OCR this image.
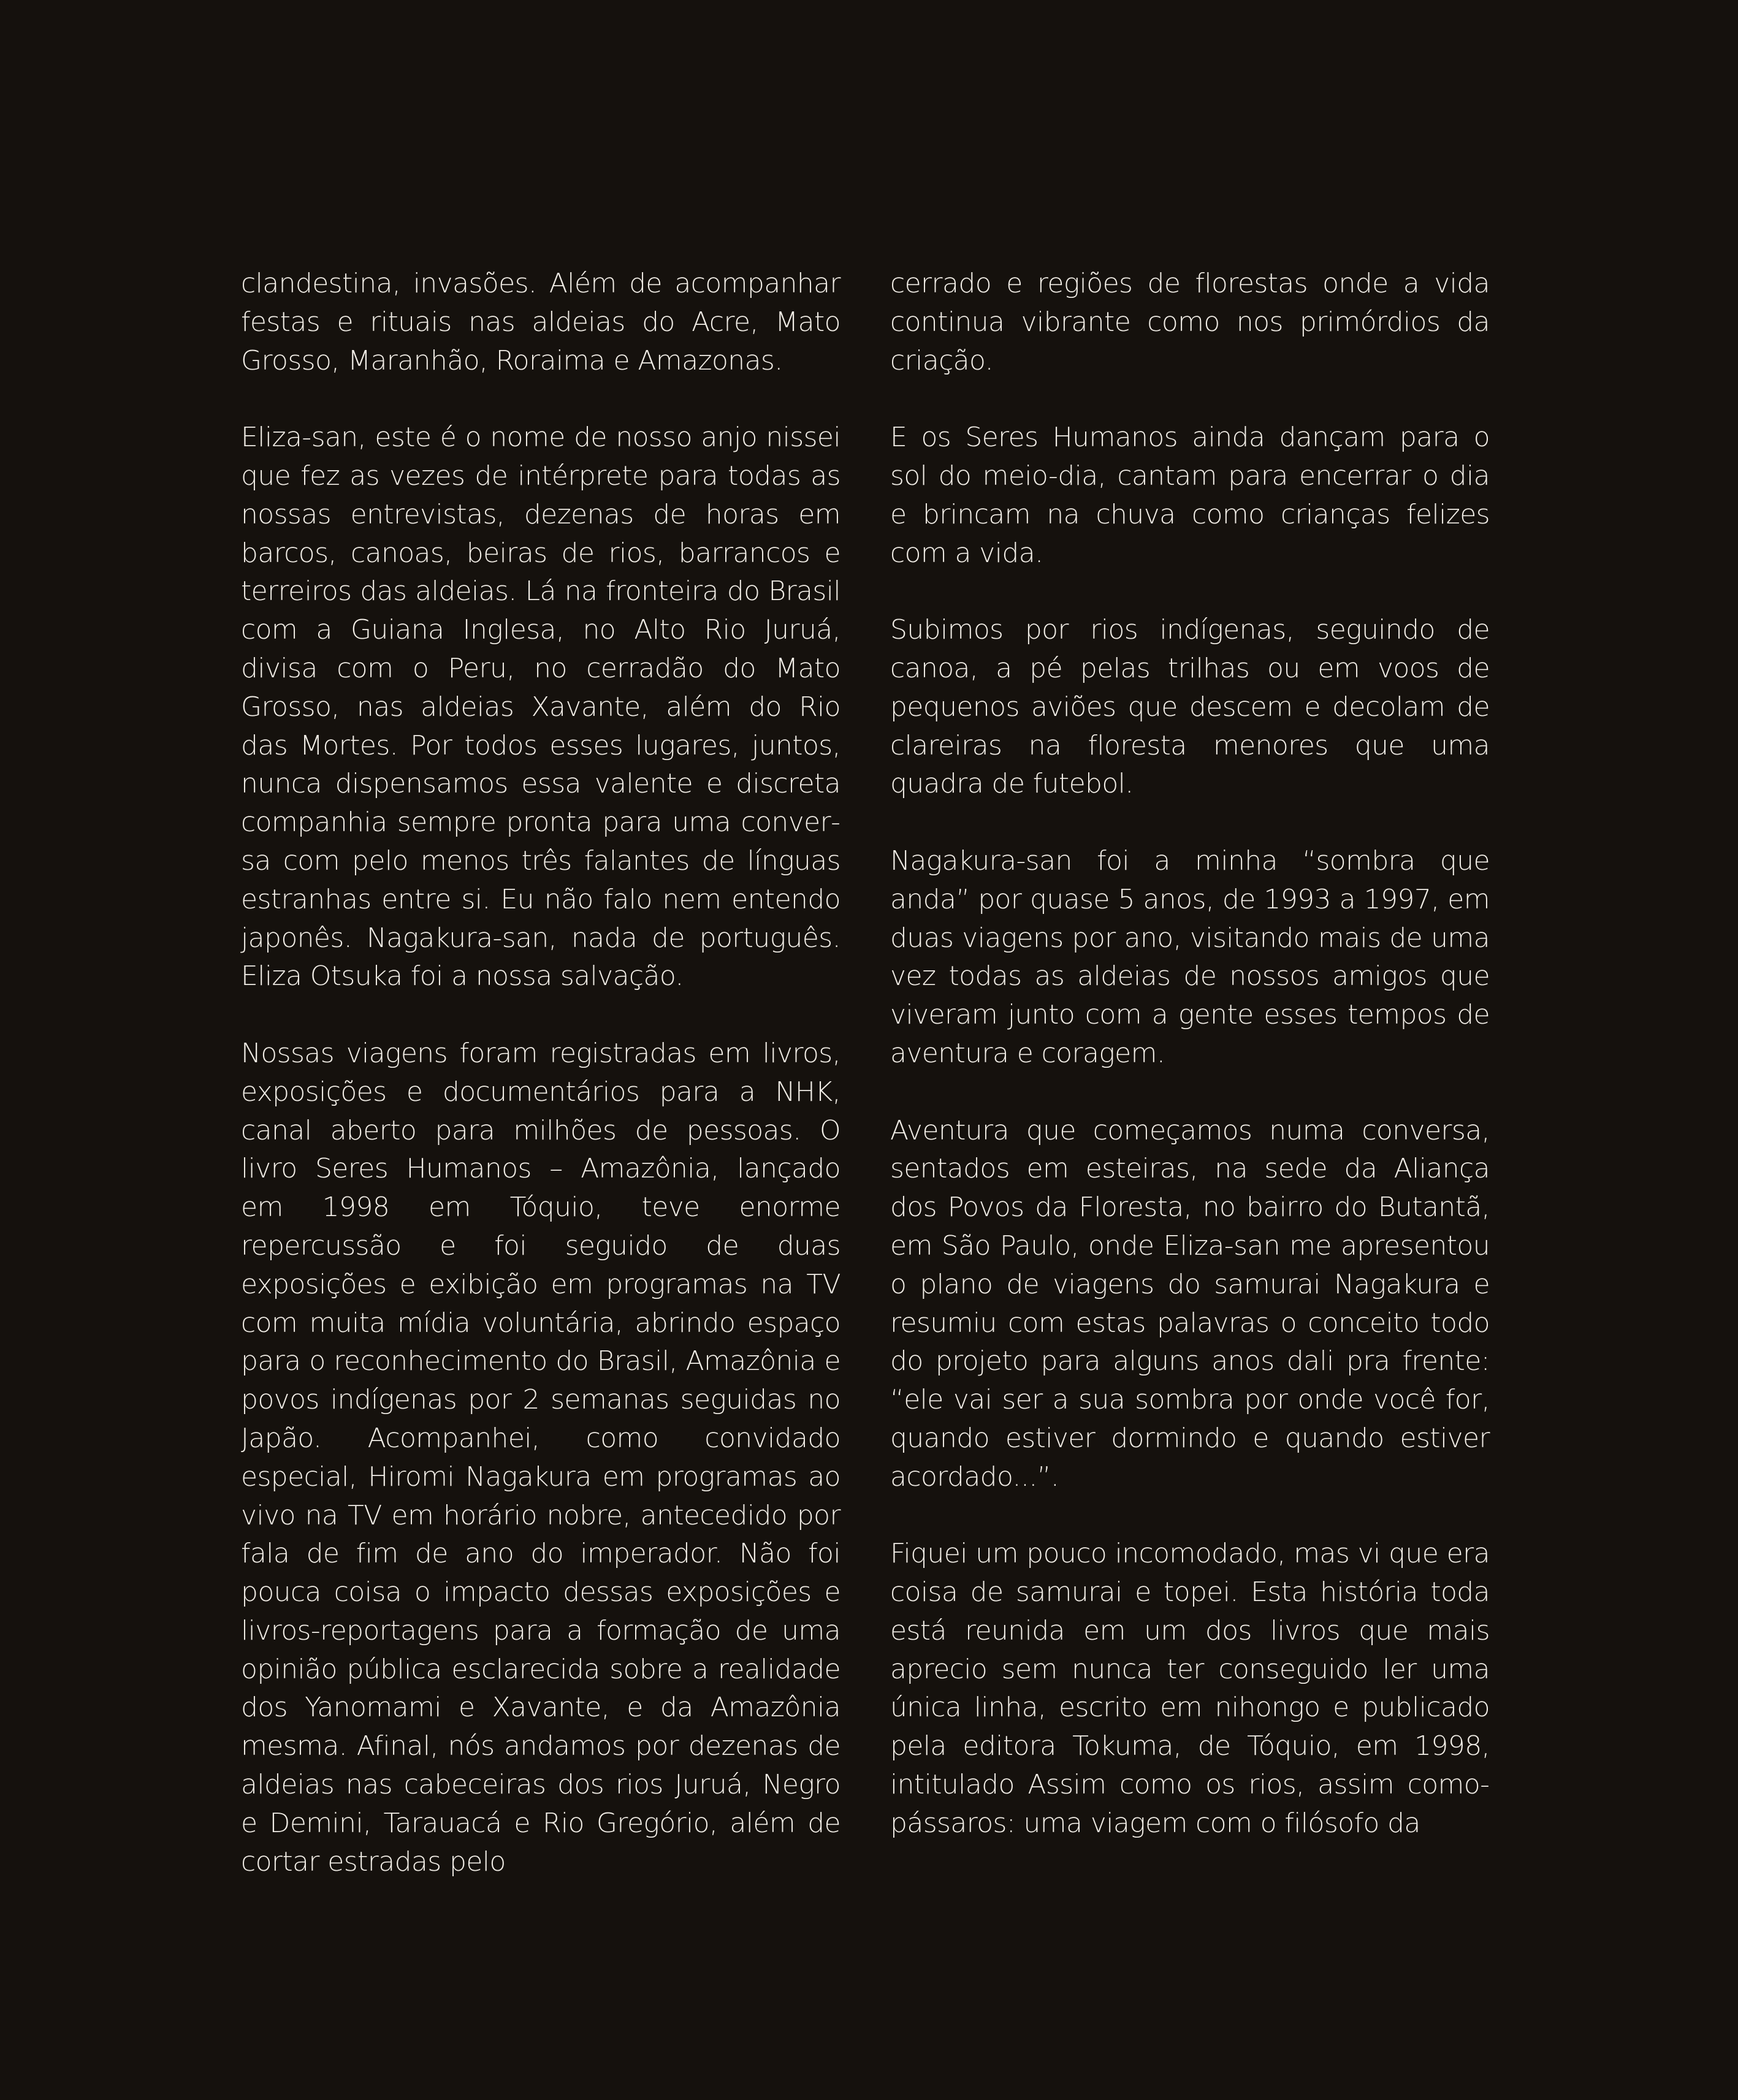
clandestina, invasões. Além de acompanhar festas e rituais nas aldeias do Acre, Mato Grosso, Maranhão, Roraima e Amazonas.

Eliza-san, este é o nome de nosso anjo nissei que fez as vezes de intérprete para todas as nossas entrevistas, dezenas de horas em barcos, canoas, beiras de rios, barrancos e terreiros das aldeias. Lá na fronteira do Brasil com a Guiana Inglesa, no Alto Rio Juruá, divisa com o Peru, no cerradão do Mato Grosso, nas aldeias Xavante, além do Rio das Mortes. Por todos esses lugares, juntos, nunca dispensamos essa valente e discreta companhia sempre pronta para uma conversa com pelo menos três falantes de línguas estranhas entre si. Eu não falo nem entendo japonês. Nagakura-san, nada de português. Eliza Otsuka foi a nossa salvação.

Nossas viagens foram registradas em livros, exposições e documentários para a NHK, canal aberto para milhões de pessoas. O livro Seres Humanos – Amazônia, lançado em 1998 em Tóquio, teve enorme repercussão e foi seguido de duas exposições e exibição em programas na TV com muita mídia voluntária, abrindo espaço para o reconhecimento do Brasil, Amazônia e povos indígenas por 2 semanas seguidas no Japão. Acompanhei, como convidado especial, Hiromi Nagakura em programas ao vivo na TV em horário nobre, antecedido por fala de fim de ano do imperador. Não foi pouca coisa o impacto dessas exposições e livros-reportagens para a formação de uma opinião pública esclarecida sobre a realidade dos Yanomami e Xavante, e da Amazônia mesma. Afinal, nós andamos por dezenas de aldeias nas cabeceiras dos rios Juruá, Negro e Demini, Tarauacá e Rio Gregório, além de cortar estradas pelo

cerrado e regiões de florestas onde a vida continua vibrante como nos primórdios da criação.

E os Seres Humanos ainda dançam para o sol do meio-dia, cantam para encerrar o dia e brincam na chuva como crianças felizes com a vida.

Subimos por rios indígenas, seguindo de canoa, a pé pelas trilhas ou em voos de pequenos aviões que descem e decolam de clareiras na floresta menores que uma quadra de futebol.

Nagakura-san foi a minha “sombra que anda” por quase 5 anos, de 1993 a 1997, em duas viagens por ano, visitando mais de uma vez todas as aldeias de nossos amigos que viveram junto com a gente esses tempos de aventura e coragem.

Aventura que começamos numa conversa, sentados em esteiras, na sede da Aliança dos Povos da Floresta, no bairro do Butantã, em São Paulo, onde Eliza-san me apresentou o plano de viagens do samurai Nagakura e resumiu com estas palavras o conceito todo do projeto para alguns anos dali pra frente: “ele vai ser a sua sombra por onde você for, quando estiver dormindo e quando estiver acordado...”.

Fiquei um pouco incomodado, mas vi que era coisa de samurai e topei. Esta história toda está reunida em um dos livros que mais aprecio sem nunca ter conseguido ler uma única linha, escrito em nihongo e publicado pela editora Tokuma, de Tóquio, em 1998, intitulado Assim como os rios, assim comopássaros: uma viagem com o filósofo da
